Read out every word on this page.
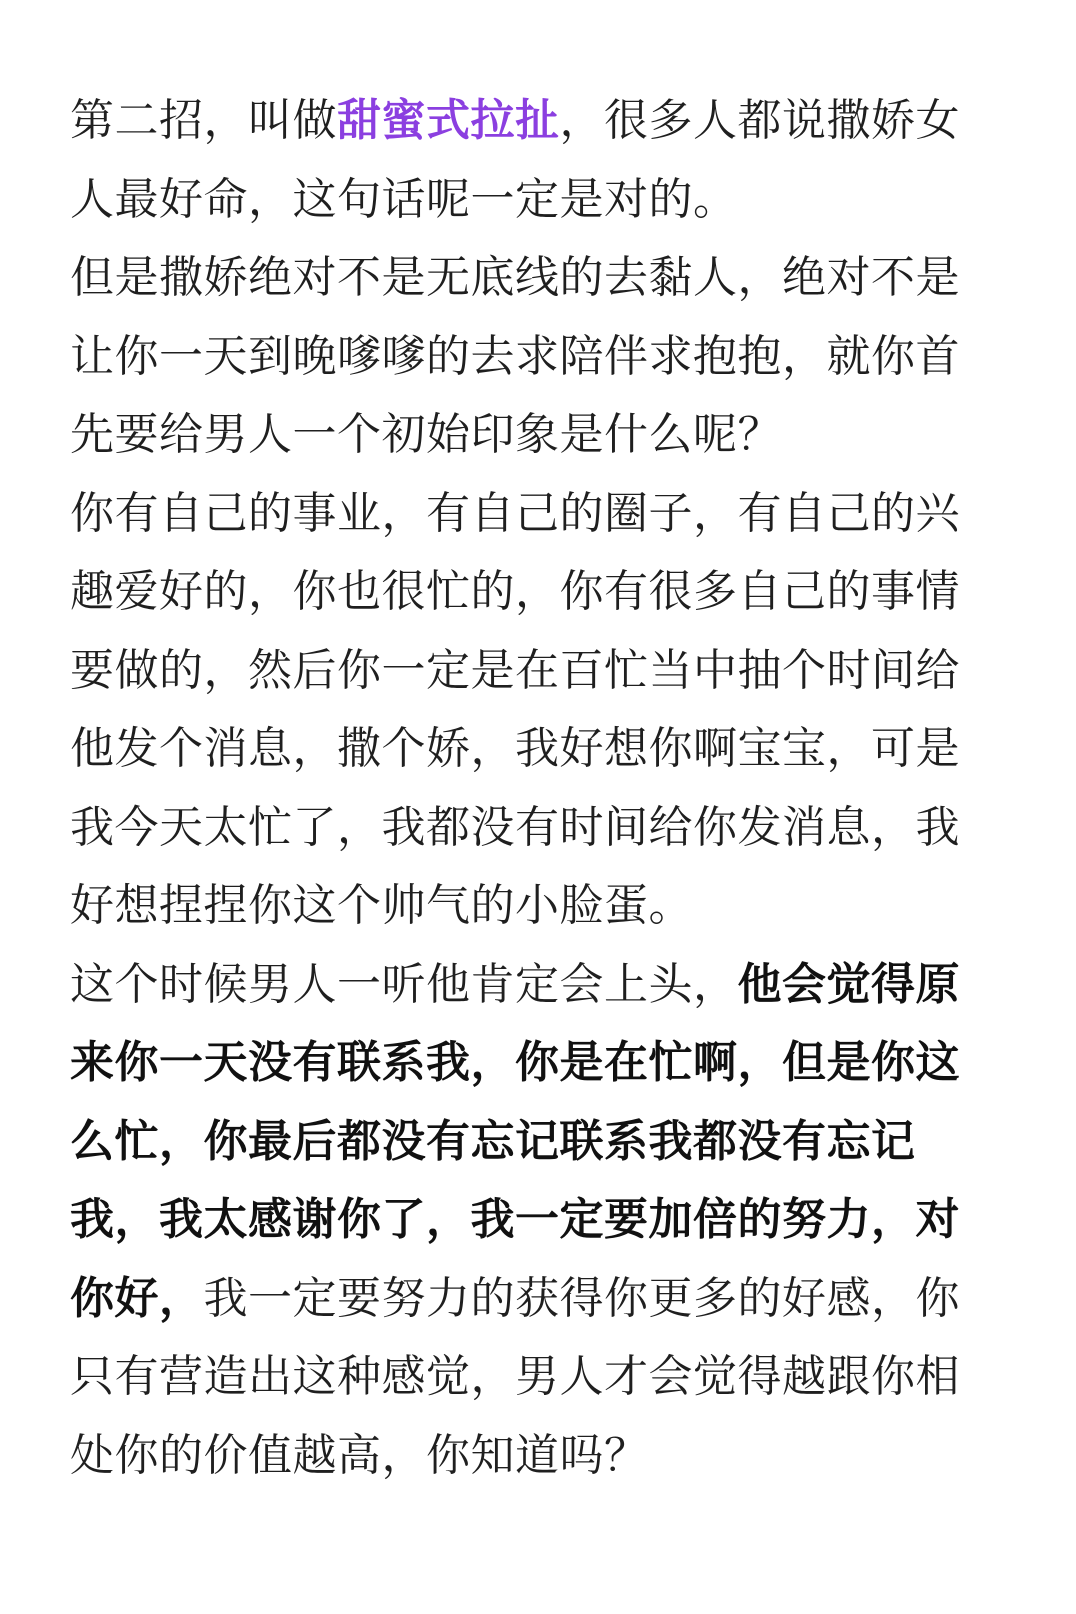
第二招，叫做甜蜜式拉扯，很多人都说撒娇女人最好命，这句话呢一定是对的。

但是撒娇绝对不是无底线的去黏人，绝对不是让你一天到晚嗲嗲的去求陪伴求抱抱，就你首先要给男人一个初始印象是什么呢？

你有自己的事业，有自己的圈子，有自己的兴趣爱好的，你也很忙的，你有很多自己的事情要做的，然后你一定是在百忙当中抽个时间给他发个消息，撒个娇，我好想你啊宝宝，可是我今天太忙了，我都没有时间给你发消息，我好想捏捏你这个帅气的小脸蛋。

这个时候男人一听他肯定会上头，他会觉得原来你一天没有联系我，你是在忙啊，但是你这么忙，你最后都没有忘记联系我都没有忘记我，我太感谢你了，我一定要加倍的努力，对你好，我一定要努力的获得你更多的好感，你只有营造出这种感觉，男人才会觉得越跟你相处你的价值越高，你知道吗？
